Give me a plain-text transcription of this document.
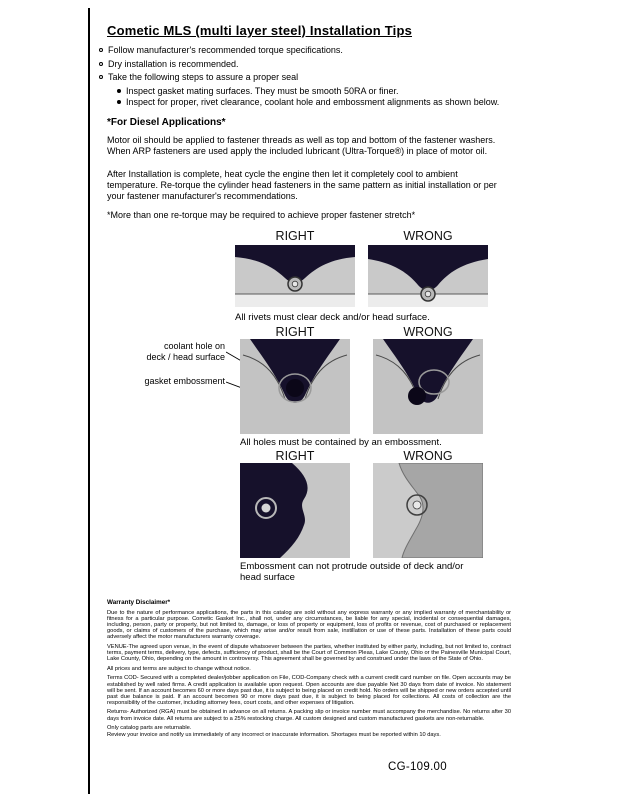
Cometic MLS (multi layer steel) Installation Tips
Follow manufacturer's recommended torque specifications.
Dry installation is recommended.
Take the following steps to assure a proper seal
Inspect gasket mating surfaces. They must be smooth 50RA or finer.
Inspect for proper, rivet clearance, coolant hole and embossment alignments as shown below.
*For Diesel Applications*

Motor oil should be applied to fastener threads as well as top and bottom of the fastener washers. When ARP fasteners are used apply the included lubricant (Ultra-Torque®) in place of motor oil.

After Installation is complete, heat cycle the engine then let it completely cool to ambient temperature. Re-torque the cylinder head fasteners in the same pattern as initial installation or per your fastener manufacturer's recommendations.

*More than one re-torque may be required to achieve proper fastener stretch*

RIGHT	WRONG
All rivets must clear deck and/or head surface.
RIGHT	WRONG
coolant hole on
deck / head surface
gasket embossment
All holes must be contained by an embossment.
RIGHT	WRONG
Embossment can not protrude outside of deck and/or head surface
Warranty Disclaimer*

Due to the nature of performance applications, the parts in this catalog are sold without any express warranty or any implied warranty of merchantability or fitness for a particular purpose. Cometic Gasket Inc., shall not, under any circumstances, be liable for any special, incidental or consequential damages, including, person, party or property, but not limited to, damage, or loss of property or equipment, loss of profits or revenue, cost of purchased or replacement goods, or claims of customers of the purchase, which may arise and/or result from sale, instillation or use of these parts. Installation of these parts could adversely affect the motor manufacturers warranty coverage.

VENUE-The agreed upon venue, in the event of dispute whatsoever between the parties, whether instituted by either party, including, but not limited to, contract terms, payment terms, delivery, type, defects, sufficiency of product, shall be the Court of Common Pleas, Lake County, Ohio or the Painesville Municipal Court, Lake County, Ohio, depending on the amount in controversy. This agreement shall be governed by and construed under the laws of the State of Ohio.

All prices and terms are subject to change without notice.

Terms COD- Secured with a completed dealer/jobber application on File, COD-Company check with a current credit card number on file. Open accounts may be established by well rated firms. A credit application is available upon request. Open accounts are due payable Net 30 days from date of invoice. No statement will be sent. If an account becomes 60 or more days past due, it is subject to being placed on credit hold. No orders will be shipped or new orders accepted until past due balance is paid. If an account becomes 90 or more days past due, it is subject to being placed for collections. All costs of collection are the responsibility of the customer, including attorney fees, court costs, and other expenses of litigation.

Returns- Authorized (RGA) must be obtained in advance on all returns. A packing slip or invoice number must accompany the merchandise. No returns after 30 days from invoice date. All returns are subject to a 25% restocking charge. All custom designed and custom manufactured gaskets are non-returnable.

Only catalog parts are returnable.

Review your invoice and notify us immediately of any incorrect or inaccurate information. Shortages must be reported within 10 days.

CG-109.00
